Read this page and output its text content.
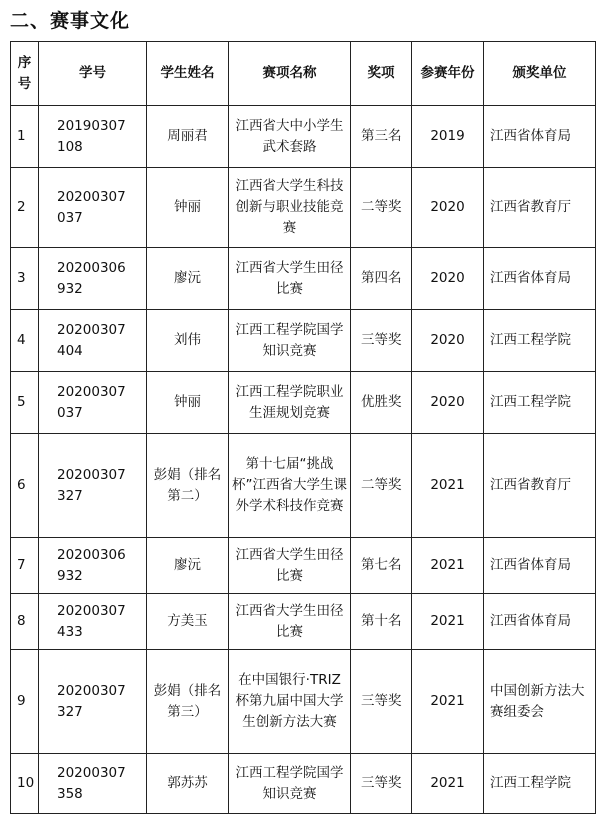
二、赛事文化
序号	学号	学生姓名	赛项名称	奖项	参赛年份	颁奖单位
1	20190307108	周丽君	江西省大中小学生武术套路	第三名	2019	江西省体育局
2	20200307037	钟丽	江西省大学生科技创新与职业技能竞赛	二等奖	2020	江西省教育厅
3	20200306932	廖沅	江西省大学生田径比赛	第四名	2020	江西省体育局
4	20200307404	刘伟	江西工程学院国学知识竞赛	三等奖	2020	江西工程学院
5	20200307037	钟丽	江西工程学院职业生涯规划竞赛	优胜奖	2020	江西工程学院
6	20200307327	彭娟（排名第二）	第十七届“挑战杯”江西省大学生课外学术科技作竞赛	二等奖	2021	江西省教育厅
7	20200306932	廖沅	江西省大学生田径比赛	第七名	2021	江西省体育局
8	20200307433	方美玉	江西省大学生田径比赛	第十名	2021	江西省体育局
9	20200307327	彭娟（排名第三）	在中国银行·TRIZ杯第九届中国大学生创新方法大赛	三等奖	2021	中国创新方法大赛组委会
10	20200307358	郭苏苏	江西工程学院国学知识竞赛	三等奖	2021	江西工程学院
